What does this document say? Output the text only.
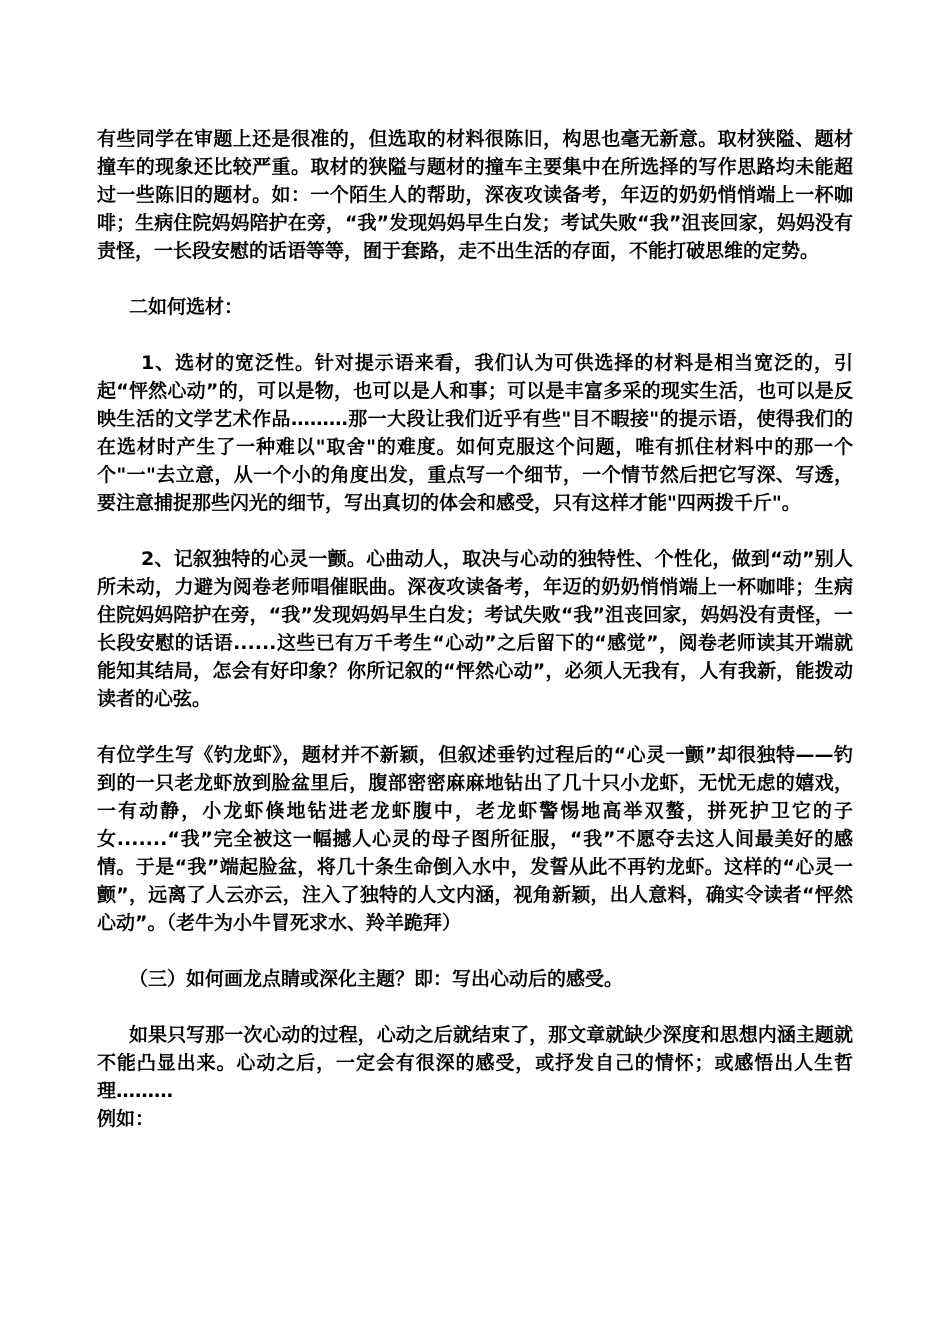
有些同学在审题上还是很准的，但选取的材料很陈旧，构思也毫无新意。取材狭隘、题材撞车的现象还比较严重。取材的狭隘与题材的撞车主要集中在所选择的写作思路均未能超过一些陈旧的题材。如：一个陌生人的帮助，深夜攻读备考，年迈的奶奶悄悄端上一杯咖啡；生病住院妈妈陪护在旁，“我”发现妈妈早生白发；考试失败“我”沮丧回家，妈妈没有责怪，一长段安慰的话语等等，囿于套路，走不出生活的存面，不能打破思维的定势。

二如何选材：

1、选材的宽泛性。针对提示语来看，我们认为可供选择的材料是相当宽泛的，引起“怦然心动”的，可以是物，也可以是人和事；可以是丰富多采的现实生活，也可以是反映生活的文学艺术作品………那一大段让我们近乎有些"目不暇接"的提示语，使得我们的在选材时产生了一种难以"取舍"的难度。如何克服这个问题，唯有抓住材料中的那一个个"一"去立意，从一个小的角度出发，重点写一个细节，一个情节然后把它写深、写透，要注意捕捉那些闪光的细节，写出真切的体会和感受，只有这样才能"四两拨千斤"。

2、记叙独特的心灵一颤。心曲动人，取决与心动的独特性、个性化，做到“动”别人所未动，力避为阅卷老师唱催眠曲。深夜攻读备考，年迈的奶奶悄悄端上一杯咖啡；生病住院妈妈陪护在旁，“我”发现妈妈早生白发；考试失败“我”沮丧回家，妈妈没有责怪，一长段安慰的话语......这些已有万千考生“心动”之后留下的“感觉”，阅卷老师读其开端就能知其结局，怎会有好印象？你所记叙的“怦然心动”，必须人无我有，人有我新，能拨动读者的心弦。

有位学生写《钓龙虾》，题材并不新颖，但叙述垂钓过程后的“心灵一颤”却很独特——钓到的一只老龙虾放到脸盆里后，腹部密密麻麻地钻出了几十只小龙虾，无忧无虑的嬉戏，一有动静，小龙虾倏地钻进老龙虾腹中，老龙虾警惕地高举双螯，拼死护卫它的子女.......“我”完全被这一幅撼人心灵的母子图所征服，“我”不愿夺去这人间最美好的感情。于是“我”端起脸盆，将几十条生命倒入水中，发誓从此不再钓龙虾。这样的“心灵一颤”，远离了人云亦云，注入了独特的人文内涵，视角新颖，出人意料，确实令读者“怦然心动”。（老牛为小牛冒死求水、羚羊跪拜）

（三）如何画龙点睛或深化主题？即：写出心动后的感受。

如果只写那一次心动的过程，心动之后就结束了，那文章就缺少深度和思想内涵主题就不能凸显出来。心动之后，一定会有很深的感受，或抒发自己的情怀；或感悟出人生哲理………

例如：
